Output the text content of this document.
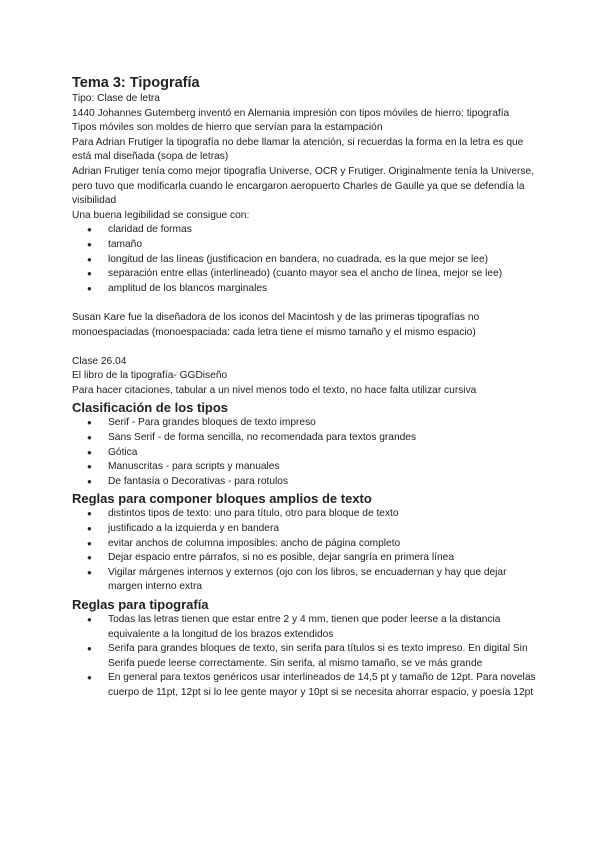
Tema 3: Tipografía

Tipo: Clase de letra

1440 Johannes Gutemberg inventó en Alemania impresión con tipos móviles de hierro: tipografía

Tipos móviles son moldes de hierro que servían para la estampación

Para Adrian Frutiger la tipografía no debe llamar la atención, si recuerdas la forma en la letra es que está mal diseñada (sopa de letras)

Adrian Frutiger tenía como mejor tipografía Universe, OCR y Frutiger. Originalmente tenía la Universe, pero tuvo que modificarla cuando le encargaron aeropuerto Charles de Gaulle ya que se defendía la visibilidad

Una buena legibilidad se consigue con:

● claridad de formas
● tamaño
● longitud de las líneas (justificacion en bandera, no cuadrada, es la que mejor se lee)
● separación entre ellas (interlineado) (cuanto mayor sea el ancho de línea, mejor se lee)
● amplitud de los blancos marginales

Susan Kare fue la diseñadora de los iconos del Macintosh y de las primeras tipografías no monoespaciadas (monoespaciada: cada letra tiene el mismo tamaño y el mismo espacio)

Clase 26.04

El libro de la tipografía- GGDiseño

Para hacer citaciones, tabular a un nivel menos todo el texto, no hace falta utilizar cursiva

Clasificación de los tipos
● Serif - Para grandes bloques de texto impreso
● Sans Serif - de forma sencilla, no recomendada para textos grandes
● Gótica
● Manuscritas - para scripts y manuales
● De fantasía o Decorativas - para rotulos
Reglas para componer bloques amplios de texto
● distintos tipos de texto: uno para título, otro para bloque de texto
● justificado a la izquierda y en bandera
● evitar anchos de columna imposibles: ancho de página completo
● Dejar espacio entre párrafos, si no es posible, dejar sangría en primera línea
● Vigilar márgenes internos y externos (ojo con los libros, se encuadernan y hay que dejar margen interno extra
Reglas para tipografía
● Todas las letras tienen que estar entre 2 y 4 mm, tienen que poder leerse a la distancia equivalente a la longitud de los brazos extendidos
● Serifa para grandes bloques de texto, sin serifa para títulos si es texto impreso. En digital Sin Serifa puede leerse correctamente. Sin serifa, al mismo tamaño, se ve más grande
● En general para textos genéricos usar interlineados de 14,5 pt y tamaño de 12pt. Para novelas cuerpo de 11pt, 12pt si lo lee gente mayor y 10pt si se necesita ahorrar espacio, y poesía 12pt
